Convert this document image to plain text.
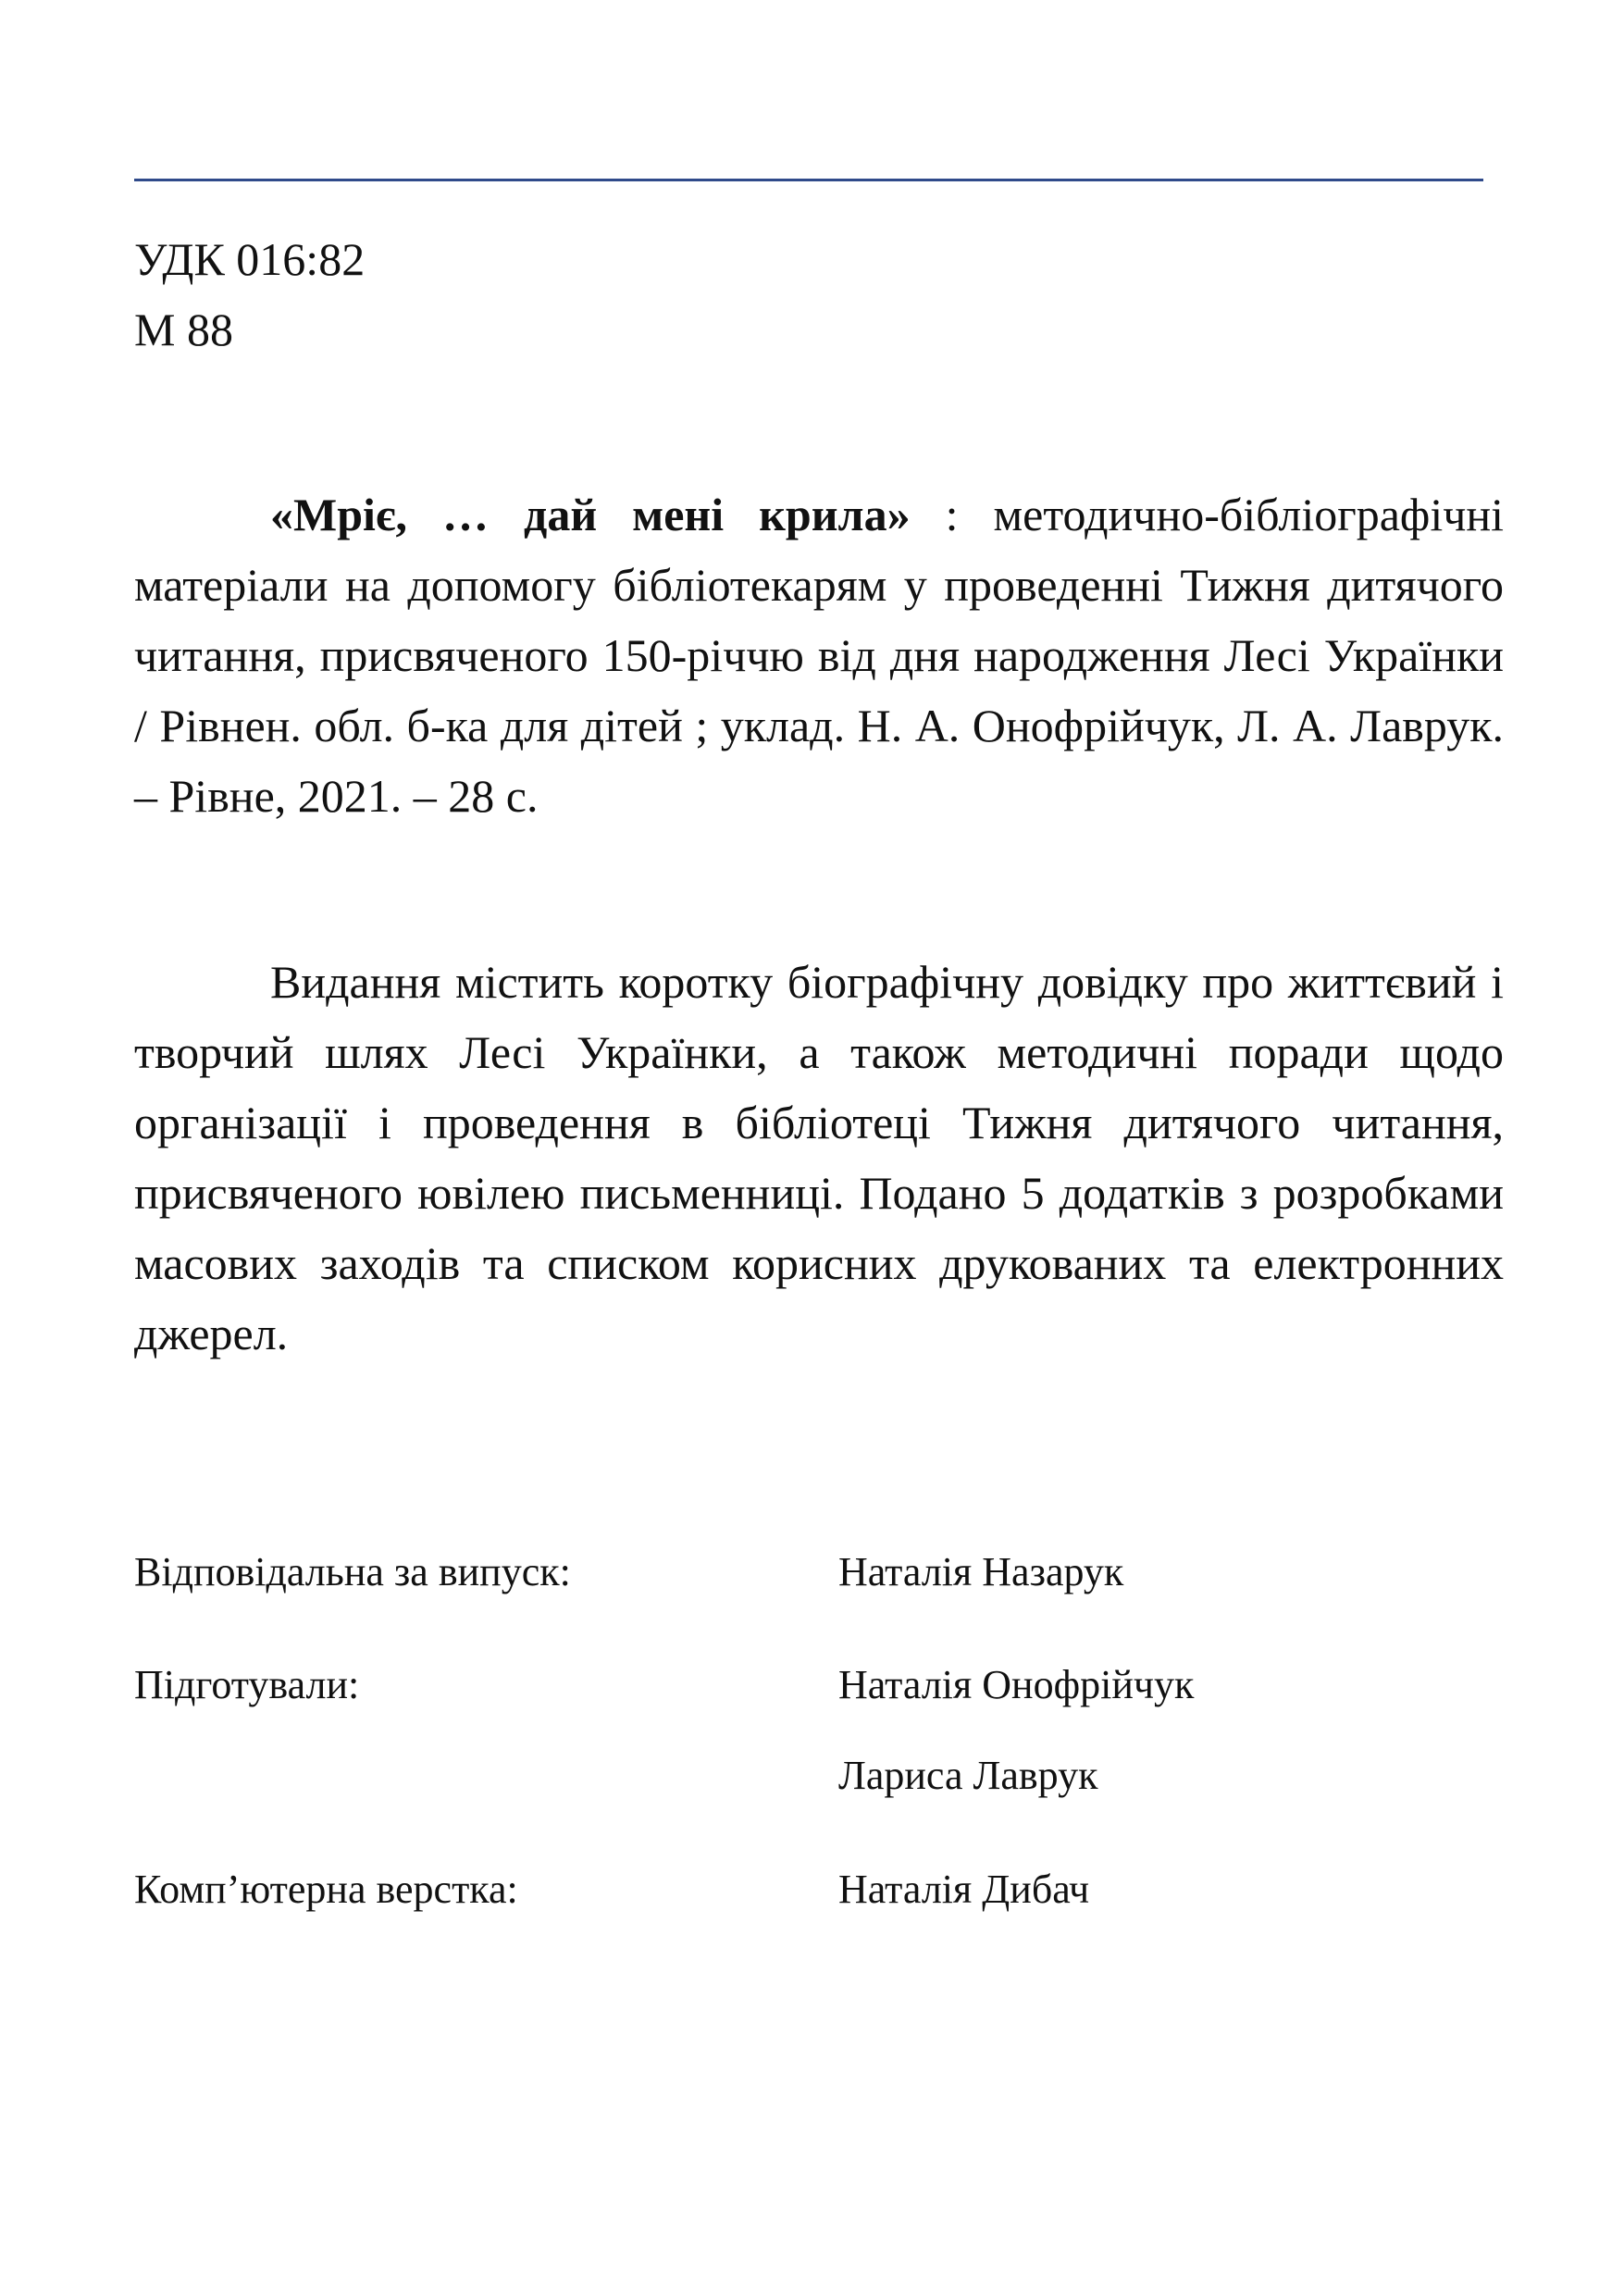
УДК 016:82
М 88

«Мріє, … дай мені крила» : методично-бібліографічні матеріали на допомогу бібліотекарям у проведенні Тижня дитячого читання, присвяченого 150-річчю від дня народження Лесі Українки / Рівнен. обл. б-ка для дітей ; уклад. Н. А. Онофрійчук, Л. А. Лаврук. – Рівне, 2021. – 28 с.

Видання містить коротку біографічну довідку про життєвий і творчий шлях Лесі Українки, а також методичні поради щодо організації і проведення в бібліотеці Тижня дитячого читання, присвяченого ювілею письменниці. Подано 5 додатків з розробками масових заходів та списком корисних друкованих та електронних джерел.

Відповідальна за випуск:	Наталія Назарук
Підготували:	Наталія Онофрійчук
Лариса Лаврук
Комп’ютерна верстка:	Наталія Дибач
